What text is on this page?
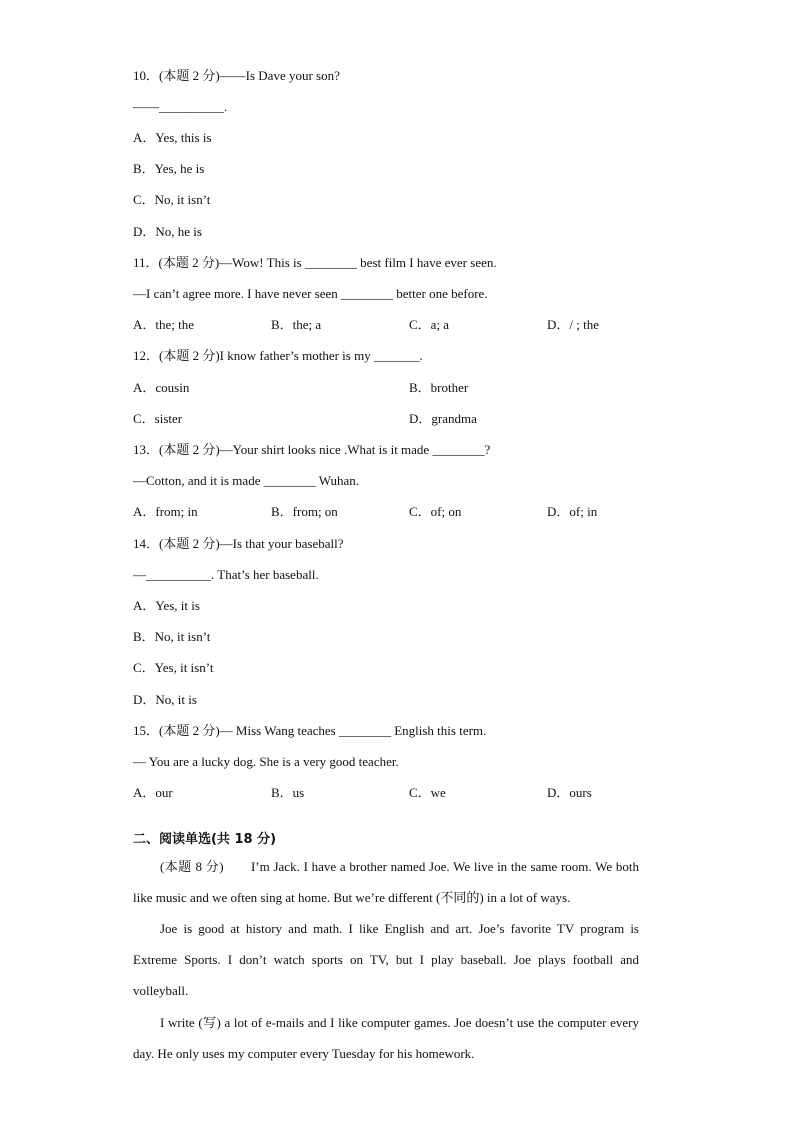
10．(本题 2 分)——Is Dave your son?
——__________.
A．Yes, this is
B．Yes, he is
C．No, it isn’t
D．No, he is
11．(本题 2 分)—Wow! This is ________ best film I have ever seen.
—I can’t agree more. I have never seen ________ better one before.
A．the; the	B．the; a	C．a; a	D．/ ; the
12．(本题 2 分)I know father’s mother is my _______.
A．cousin	B．brother
C．sister	D．grandma
13．(本题 2 分)—Your shirt looks nice .What is it made ________?
—Cotton, and it is made ________ Wuhan.
A．from; in	B．from; on	C．of; on	D．of; in
14．(本题 2 分)—Is that your baseball?
—__________. That’s her baseball.
A．Yes, it is
B．No, it isn’t
C．Yes, it isn’t
D．No, it is
15．(本题 2 分)— Miss Wang teaches ________ English this term.
— You are a lucky dog. She is a very good teacher.
A．our	B．us	C．we	D．ours
二、阅读单选(共 18 分)
(本题 8 分)　　I’m Jack. I have a brother named Joe. We live in the same room. We both like music and we often sing at home. But we’re different (不同的) in a lot of ways.
Joe is good at history and math. I like English and art. Joe’s favorite TV program is Extreme Sports. I don’t watch sports on TV, but I play baseball. Joe plays football and volleyball.
I write (写) a lot of e-mails and I like computer games. Joe doesn’t use the computer every day. He only uses my computer every Tuesday for his homework.
